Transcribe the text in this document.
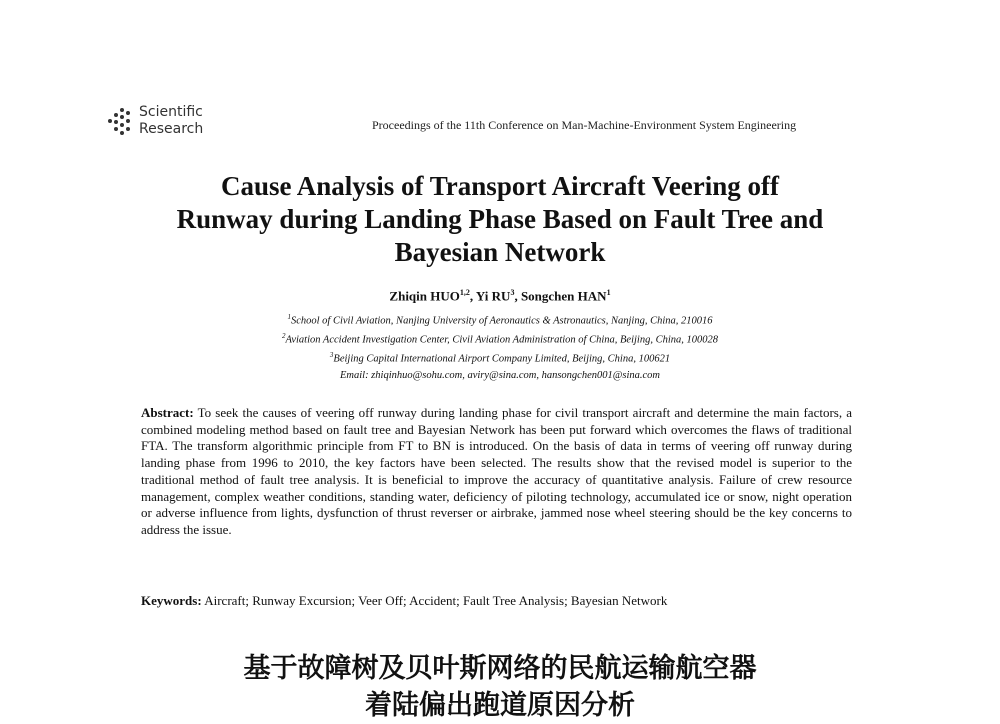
Scientific
Research	Proceedings of the 11th Conference on Man-Machine-Environment System Engineering
Cause Analysis of Transport Aircraft Veering off
Runway during Landing Phase Based on Fault Tree and
Bayesian Network
Zhiqin HUO$^{1,2}$, Yi $RU^3$, Songchen HAN$^1$
$^1$School of Civil Aviation, Nanjing University of Aeronautics & Astronautics, Nanjing, China, 210016
$^2$Aviation Accident Investigation Center, Civil Aviation Administration of China, Beijing, China, 100028
$^3$Beijing Capital International Airport Company Limited, Beijing, China, 100621
Email: zhiqinhuo@sohu.com, aviry@sina.com, hansongchen001@sina.com
Abstract: To seek the causes of veering off runway during landing phase for civil transport aircraft and determine the main factors, a combined modeling method based on fault tree and Bayesian Network has been put forward which overcomes the flaws of traditional FTA. The transform algorithmic principle from FT to BN is introduced. On the basis of data in terms of veering off runway during landing phase from 1996 to 2010, the key factors have been selected. The results show that the revised model is superior to the traditional method of fault tree analysis. It is beneficial to improve the accuracy of quantitative analysis. Failure of crew resource management, complex weather conditions, standing water, deficiency of piloting technology, accumulated ice or snow, night operation or adverse influence from lights, dysfunction of thrust reverser or airbrake, jammed nose wheel steering should be the key concerns to address the issue.
Keywords: Aircraft; Runway Excursion; Veer Off; Accident; Fault Tree Analysis; Bayesian Network
基于故障树及贝叶斯网络的民航运输航空器
着陆偏出跑道原因分析
